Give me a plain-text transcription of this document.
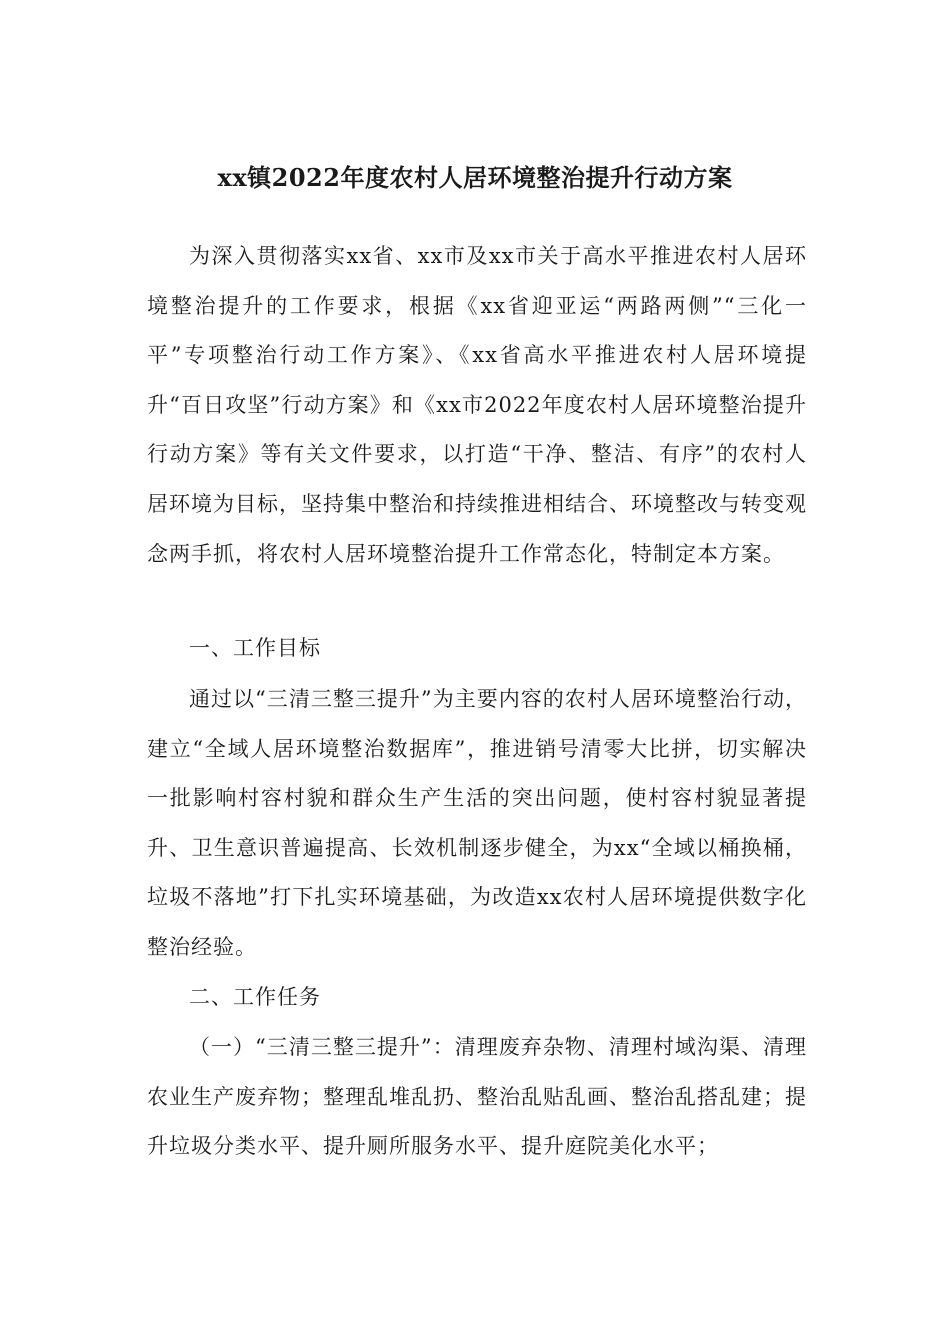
xx镇2022年度农村人居环境整治提升行动方案

为深入贯彻落实xx省、xx市及xx市关于高水平推进农村人居环境整治提升的工作要求，根据《xx省迎亚运“两路两侧”“三化一平”专项整治行动工作方案》、《xx省高水平推进农村人居环境提升“百日攻坚”行动方案》和《xx市2022年度农村人居环境整治提升行动方案》等有关文件要求，以打造“干净、整洁、有序”的农村人居环境为目标，坚持集中整治和持续推进相结合、环境整改与转变观念两手抓，将农村人居环境整治提升工作常态化，特制定本方案。

一、工作目标

通过以“三清三整三提升”为主要内容的农村人居环境整治行动，建立“全域人居环境整治数据库”，推进销号清零大比拼，切实解决一批影响村容村貌和群众生产生活的突出问题，使村容村貌显著提升、卫生意识普遍提高、长效机制逐步健全，为xx“全域以桶换桶，垃圾不落地”打下扎实环境基础，为改造xx农村人居环境提供数字化整治经验。

二、工作任务

（一）“三清三整三提升”：清理废弃杂物、清理村域沟渠、清理农业生产废弃物；整理乱堆乱扔、整治乱贴乱画、整治乱搭乱建；提升垃圾分类水平、提升厕所服务水平、提升庭院美化水平；
